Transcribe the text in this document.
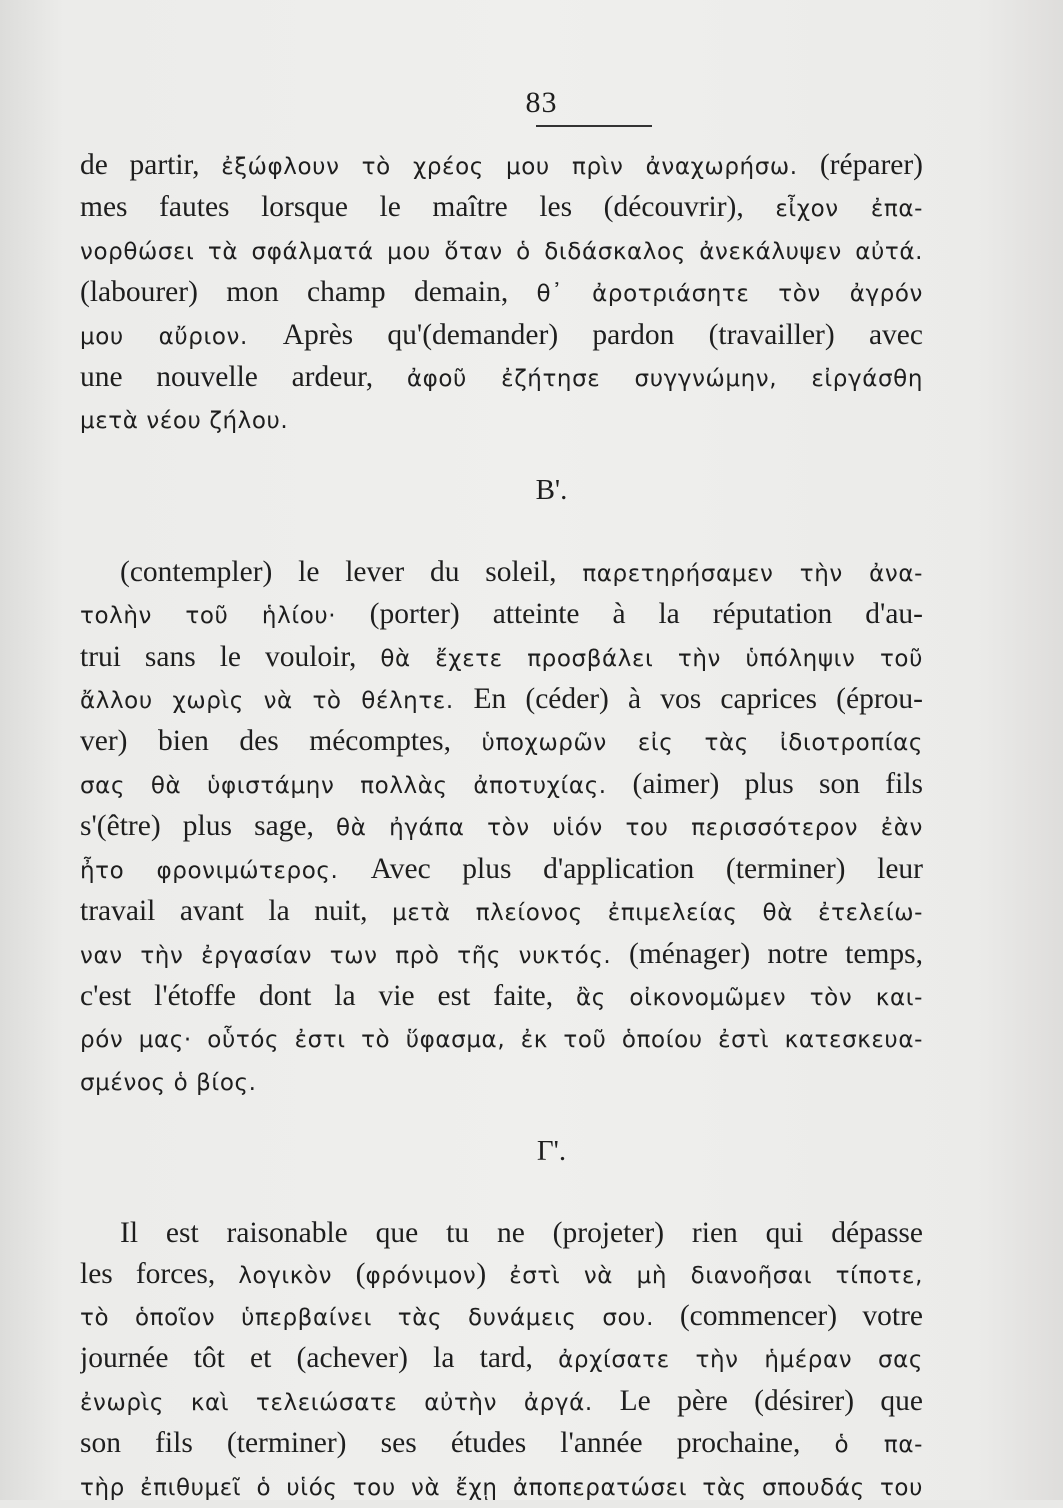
83
de partir, ἐξώφλουν τὸ χρέος μου πρὶν ἀναχωρήσω. (réparer)
mes fautes lorsque le maître les (découvrir), εἶχον ἐπα-
νορθώσει τὰ σφάλματά μου ὅταν ὁ διδάσκαλος ἀνεκάλυψεν αὐτά.
(labourer) mon champ demain, θ᾽ ἀροτριάσητε τὸν ἀγρόν
μου αὔριον. Après qu'(demander) pardon (travailler) avec
une nouvelle ardeur, ἀφοῦ ἐζήτησε συγγνώμην, εἰργάσθη
μετὰ νέου ζήλου.
B'.
(contempler) le lever du soleil, παρετηρήσαμεν τὴν ἀνα-
τολὴν τοῦ ἡλίου· (porter) atteinte à la réputation d'au-
trui sans le vouloir, θὰ ἔχετε προσβάλει τὴν ὑπόληψιν τοῦ
ἄλλου χωρὶς νὰ τὸ θέλητε. En (céder) à vos caprices (éprou-
ver) bien des mécomptes, ὑποχωρῶν εἰς τὰς ἰδιοτροπίας
σας θὰ ὑφιστάμην πολλὰς ἀποτυχίας. (aimer) plus son fils
s'(être) plus sage, θὰ ἠγάπα τὸν υἱόν του περισσότερον ἐὰν
ἦτο φρονιμώτερος. Avec plus d'application (terminer) leur
travail avant la nuit, μετὰ πλείονος ἐπιμελείας θὰ ἐτελείω-
ναν τὴν ἐργασίαν των πρὸ τῆς νυκτός. (ménager) notre temps,
c'est l'étoffe dont la vie est faite, ἂς οἰκονομῶμεν τὸν και-
ρόν μας· οὗτός ἐστι τὸ ὕφασμα, ἐκ τοῦ ὁποίου ἐστὶ κατεσκευα-
σμένος ὁ βίος.
Γ'.
Il est raisonable que tu ne (projeter) rien qui dépasse
les forces, λογικὸν (φρόνιμον) ἐστὶ νὰ μὴ διανοῆσαι τίποτε,
τὸ ὁποῖον ὑπερβαίνει τὰς δυνάμεις σου. (commencer) votre
journée tôt et (achever) la tard, ἀρχίσατε τὴν ἡμέραν σας
ἐνωρὶς καὶ τελειώσατε αὐτὴν ἀργά. Le père (désirer) que
son fils (terminer) ses études l'année prochaine, ὁ πα-
τὴρ ἐπιθυμεῖ ὁ υἱός του νὰ ἔχῃ ἀποπερατώσει τὰς σπουδάς του
